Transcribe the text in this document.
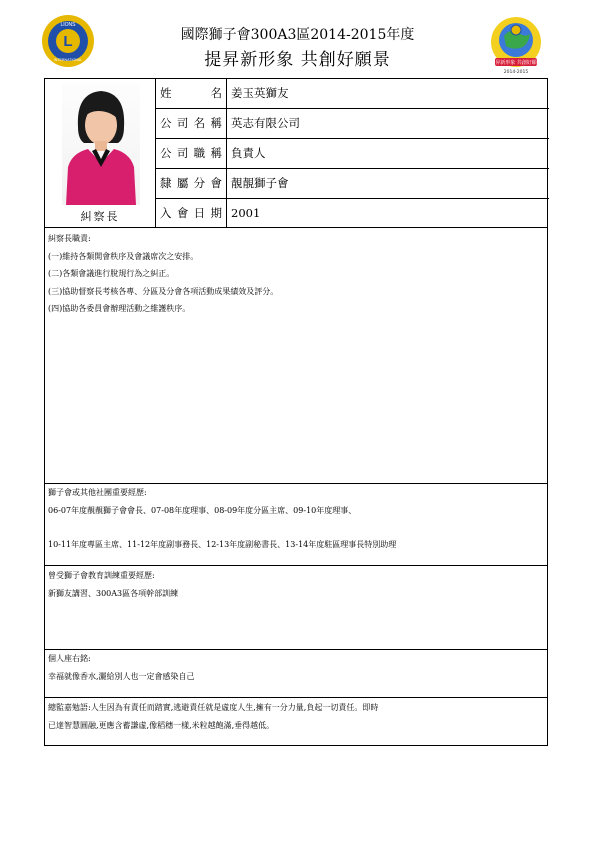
L
LIONS
INTERNATIONAL	提昇新形象 共創好願景
2014-2015
國際獅子會300A3區2014-2015年度
提昇新形象 共創好願景
糾察長
姓名 姜玉英獅友
公司名稱 英志有限公司
公司職稱 負責人
隸屬分會 靚靚獅子會
入會日期 2001

糾察長職責:

(一)維持各類開會秩序及會議席次之安排。

(二)各類會議進行脫規行為之糾正。

(三)協助督察長考核各專、分區及分會各項活動成果績效及評分。

(四)協助各委員會辦理活動之維護秩序。

獅子會或其他社團重要經歷:

06-07年度靚靚獅子會會長、07-08年度理事、08-09年度分區主席、09-10年度理事、

10-11年度專區主席、11-12年度副事務長、12-13年度副秘書長、13-14年度駐區理事長特別助理

曾受獅子會教育訓練重要經歷:

新獅友講習、300A3區各項幹部訓練

個人座右銘:

幸福就像香水,灑給別人也一定會感染自己

總監嘉勉語:人生因為有責任而踏實,逃避責任就是虛度人生,擁有一分力量,負起一切責任。即時

已達智慧圓融,更應含蓄謙虛,像稻穗一樣,米粒越飽滿,垂得越低。
